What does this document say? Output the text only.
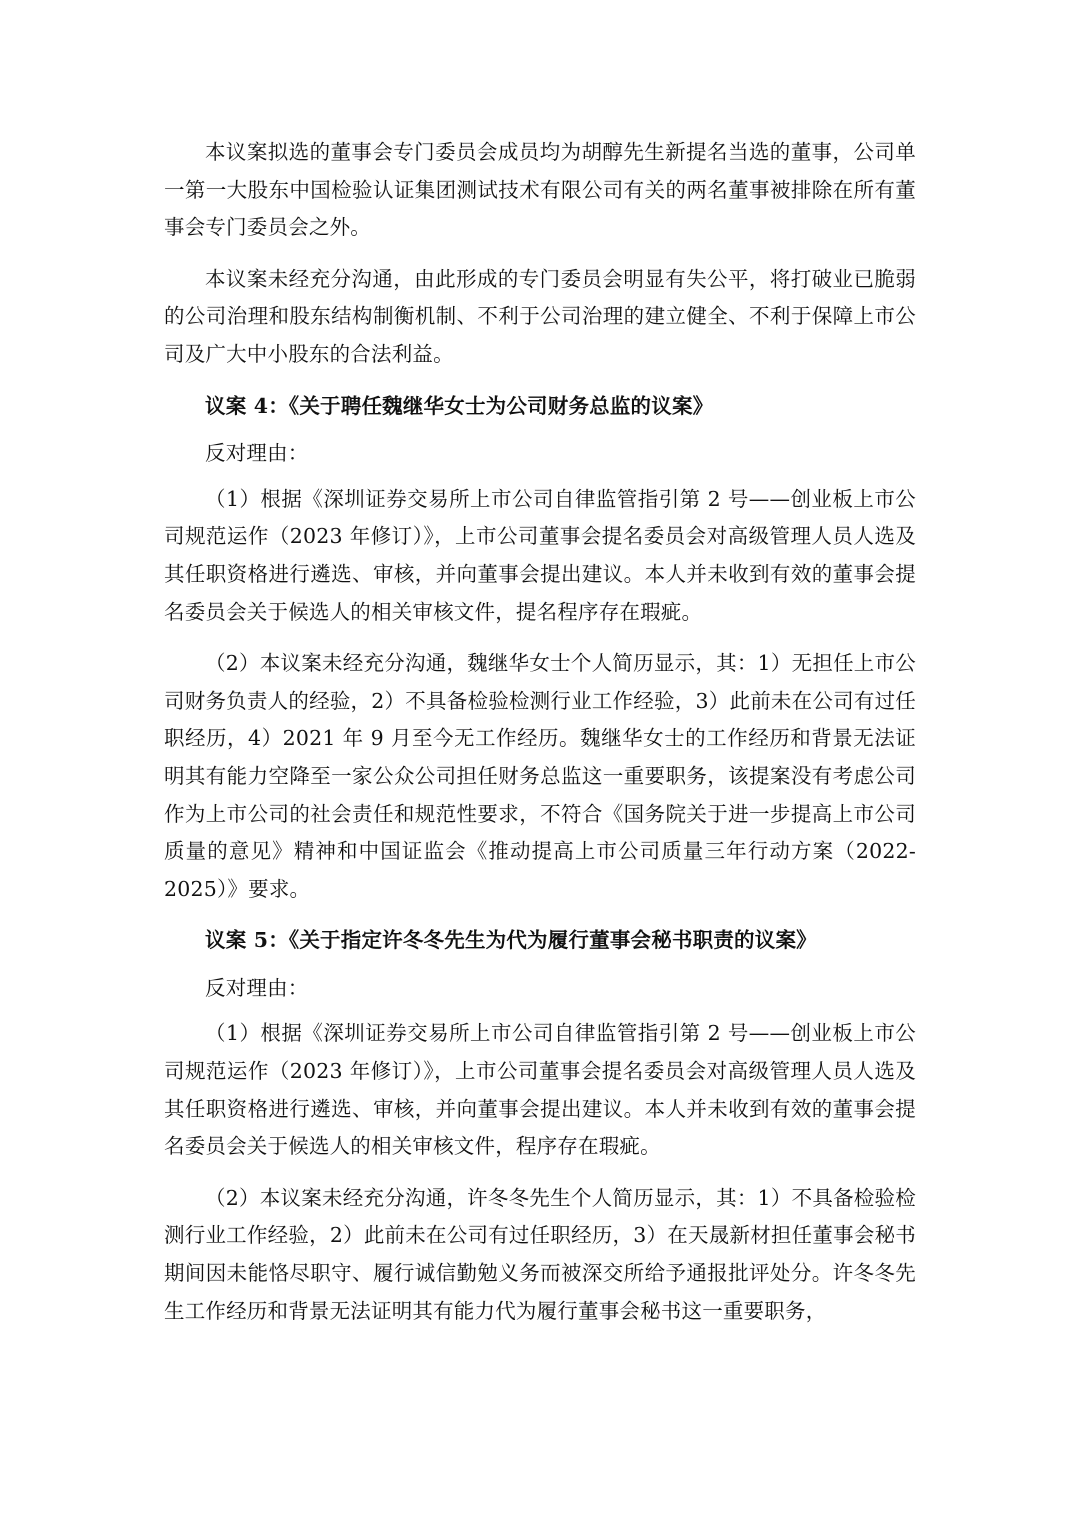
本议案拟选的董事会专门委员会成员均为胡醇先生新提名当选的董事，公司单一第一大股东中国检验认证集团测试技术有限公司有关的两名董事被排除在所有董事会专门委员会之外。

本议案未经充分沟通，由此形成的专门委员会明显有失公平，将打破业已脆弱的公司治理和股东结构制衡机制、不利于公司治理的建立健全、不利于保障上市公司及广大中小股东的合法利益。

议案 4：《关于聘任魏继华女士为公司财务总监的议案》

反对理由：

（1）根据《深圳证券交易所上市公司自律监管指引第 2 号——创业板上市公司规范运作（2023 年修订）》，上市公司董事会提名委员会对高级管理人员人选及其任职资格进行遴选、审核，并向董事会提出建议。本人并未收到有效的董事会提名委员会关于候选人的相关审核文件，提名程序存在瑕疵。

（2）本议案未经充分沟通，魏继华女士个人简历显示，其：1）无担任上市公司财务负责人的经验，2）不具备检验检测行业工作经验，3）此前未在公司有过任职经历，4）2021 年 9 月至今无工作经历。魏继华女士的工作经历和背景无法证明其有能力空降至一家公众公司担任财务总监这一重要职务，该提案没有考虑公司作为上市公司的社会责任和规范性要求，不符合《国务院关于进一步提高上市公司质量的意见》精神和中国证监会《推动提高上市公司质量三年行动方案（2022-2025）》要求。

议案 5：《关于指定许冬冬先生为代为履行董事会秘书职责的议案》

反对理由：

（1）根据《深圳证券交易所上市公司自律监管指引第 2 号——创业板上市公司规范运作（2023 年修订）》，上市公司董事会提名委员会对高级管理人员人选及其任职资格进行遴选、审核，并向董事会提出建议。本人并未收到有效的董事会提名委员会关于候选人的相关审核文件，程序存在瑕疵。

（2）本议案未经充分沟通，许冬冬先生个人简历显示，其：1）不具备检验检测行业工作经验，2）此前未在公司有过任职经历，3）在天晟新材担任董事会秘书期间因未能恪尽职守、履行诚信勤勉义务而被深交所给予通报批评处分。许冬冬先生工作经历和背景无法证明其有能力代为履行董事会秘书这一重要职务，
